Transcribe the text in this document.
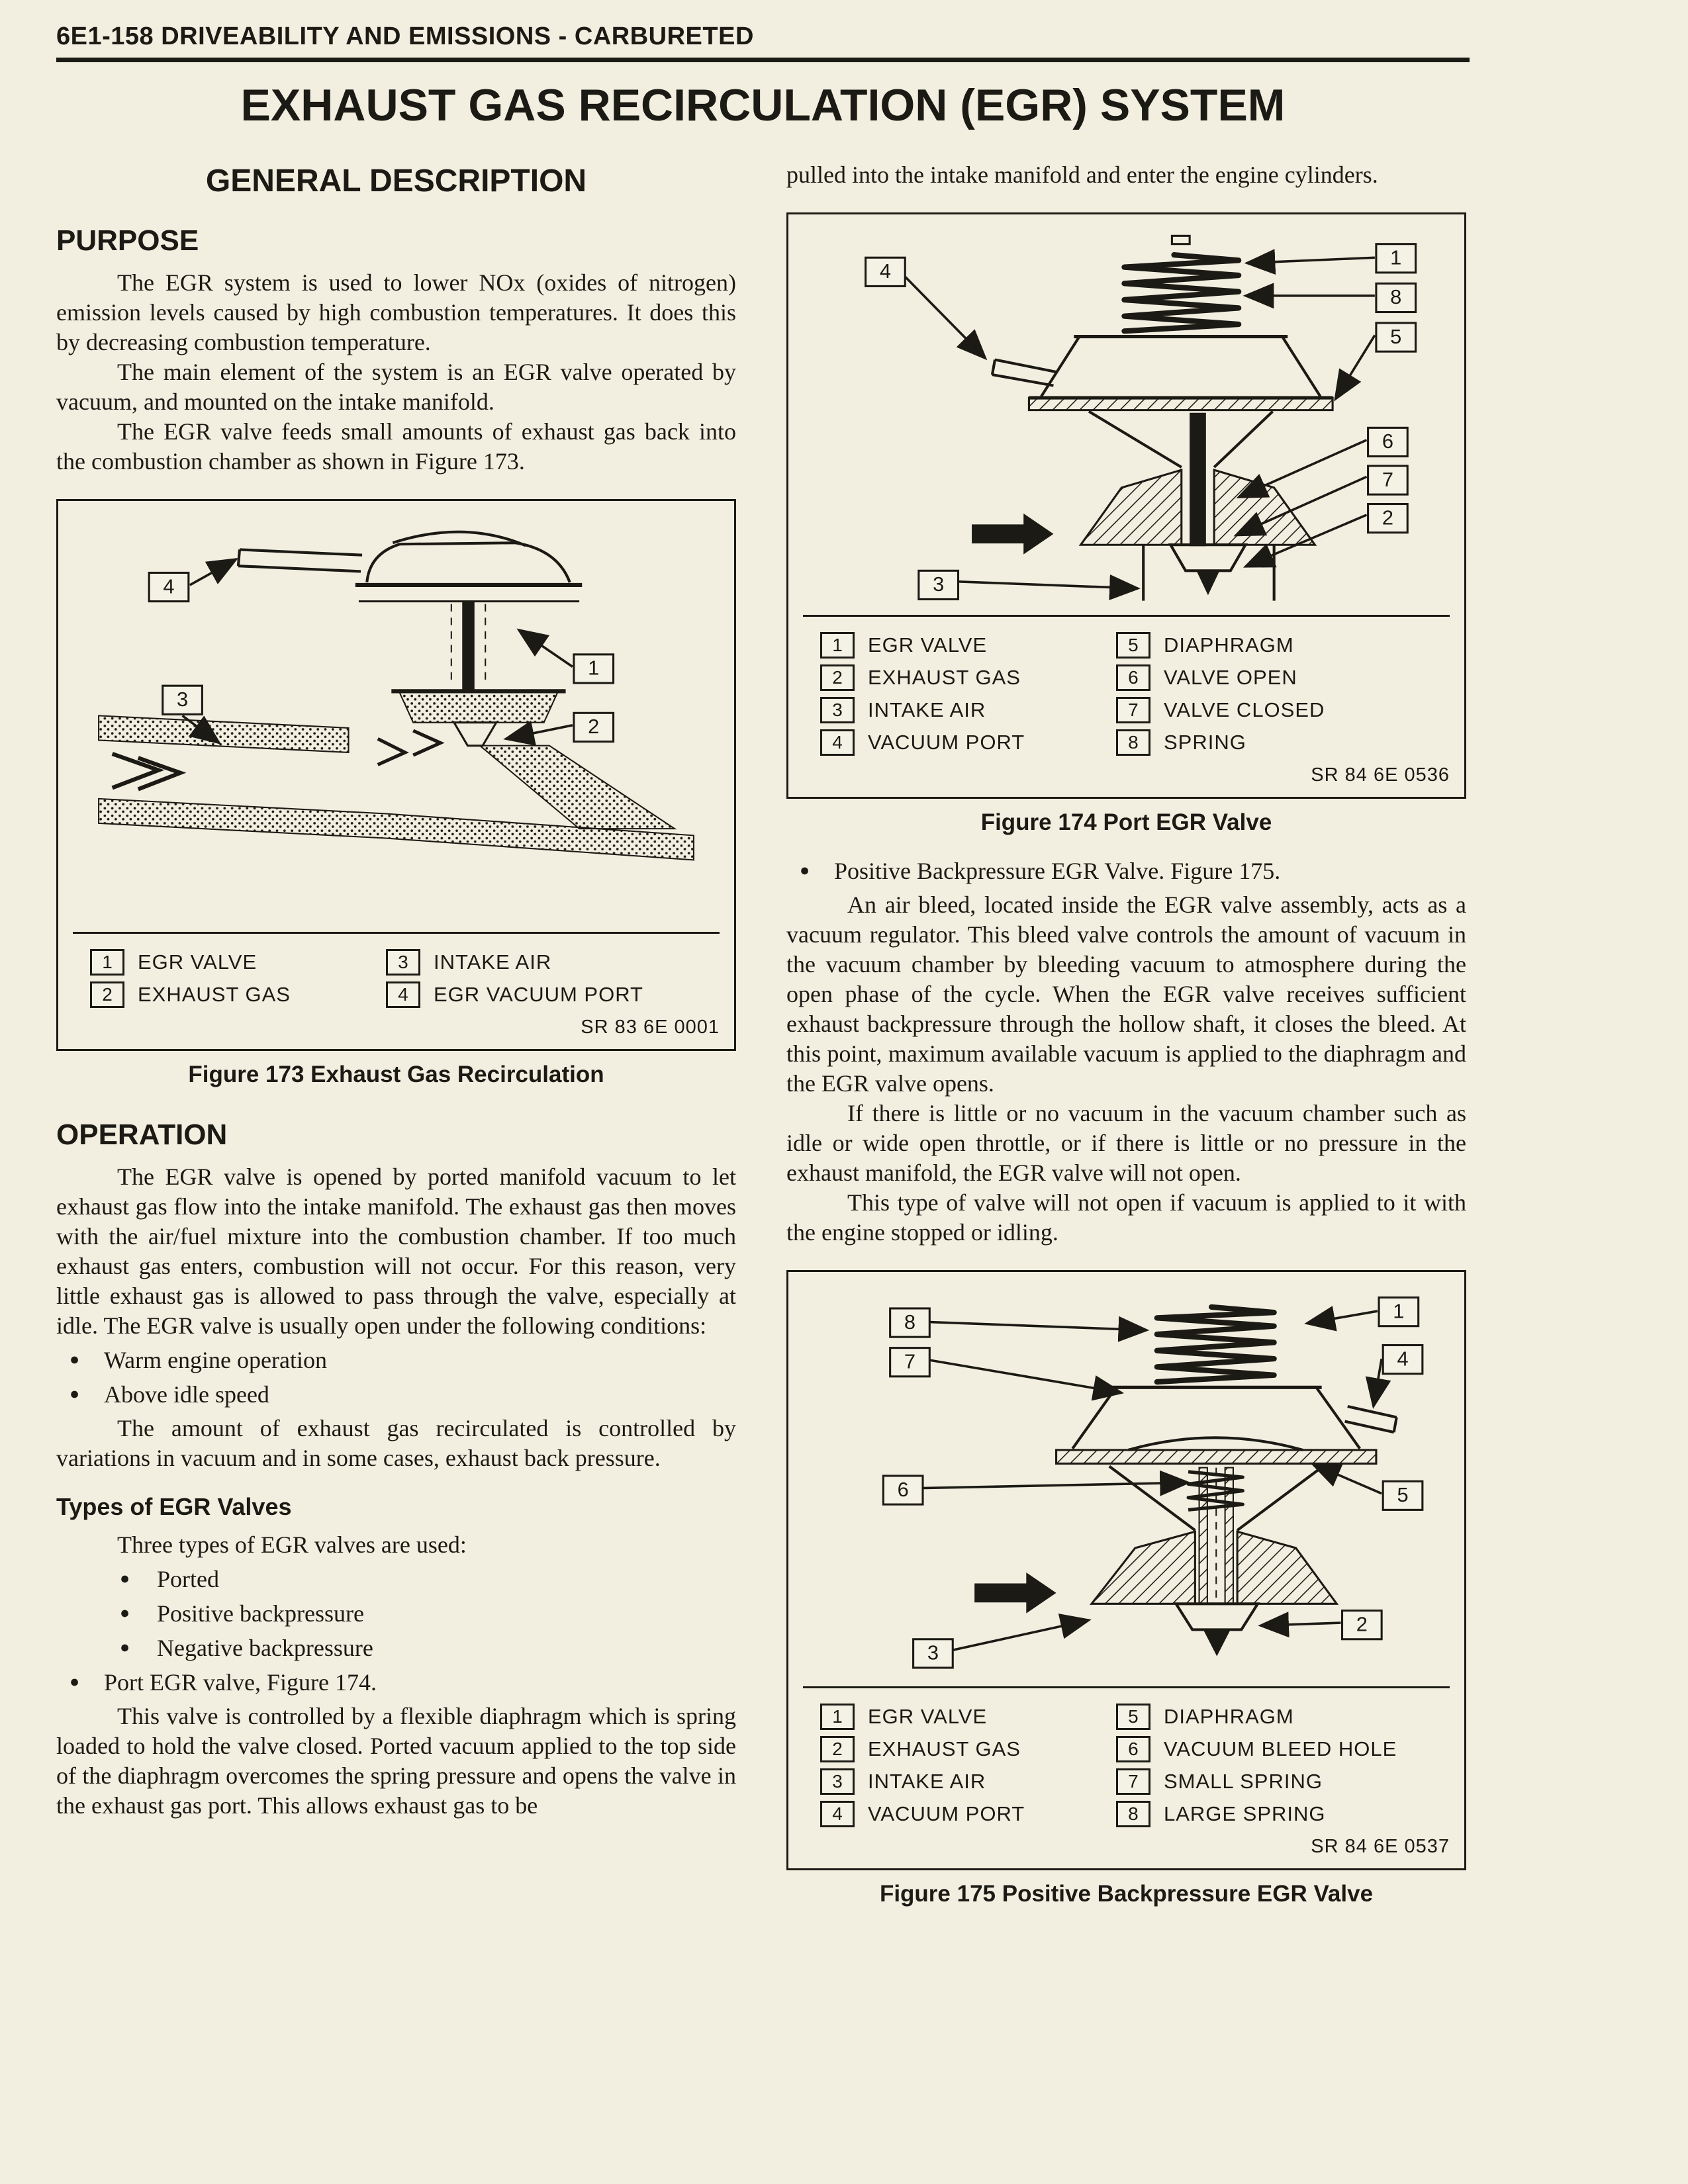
6E1-158 DRIVEABILITY AND EMISSIONS - CARBURETED
EXHAUST GAS RECIRCULATION (EGR) SYSTEM
GENERAL DESCRIPTION
PURPOSE

The EGR system is used to lower NOx (oxides of nitrogen) emission levels caused by high combustion temperatures. It does this by decreasing combustion temperature.

The main element of the system is an EGR valve operated by vacuum, and mounted on the intake manifold.

The EGR valve feeds small amounts of exhaust gas back into the combustion chamber as shown in Figure 173.

4
1
3
2
1	EGR VALVE
2	EXHAUST GAS
3	INTAKE AIR
4	EGR VACUUM PORT
SR 83 6E 0001
Figure 173 Exhaust Gas Recirculation
OPERATION

The EGR valve is opened by ported manifold vacuum to let exhaust gas flow into the intake manifold. The exhaust gas then moves with the air/fuel mixture into the combustion chamber. If too much exhaust gas enters, combustion will not occur. For this reason, very little exhaust gas is allowed to pass through the valve, especially at idle. The EGR valve is usually open under the following conditions:

●	Warm engine operation
●	Above idle speed

The amount of exhaust gas recirculated is controlled by variations in vacuum and in some cases, exhaust back pressure.

Types of EGR Valves

Three types of EGR valves are used:

●	Ported
●	Positive backpressure
●	Negative backpressure
●	Port EGR valve, Figure 174.

This valve is controlled by a flexible diaphragm which is spring loaded to hold the valve closed. Ported vacuum applied to the top side of the diaphragm overcomes the spring pressure and opens the valve in the exhaust gas port. This allows exhaust gas to be

pulled into the intake manifold and enter the engine cylinders.

4
1
8
5
6
7
2
3
1	EGR VALVE
2	EXHAUST GAS
3	INTAKE AIR
4	VACUUM PORT
5	DIAPHRAGM
6	VALVE OPEN
7	VALVE CLOSED
8	SPRING
SR 84 6E 0536
Figure 174 Port EGR Valve
●	Positive Backpressure EGR Valve. Figure 175.

An air bleed, located inside the EGR valve assembly, acts as a vacuum regulator. This bleed valve controls the amount of vacuum in the vacuum chamber by bleeding vacuum to atmosphere during the open phase of the cycle. When the EGR valve receives sufficient exhaust backpressure through the hollow shaft, it closes the bleed. At this point, maximum available vacuum is applied to the diaphragm and the EGR valve opens.

If there is little or no vacuum in the vacuum chamber such as idle or wide open throttle, or if there is little or no pressure in the exhaust manifold, the EGR valve will not open.

This type of valve will not open if vacuum is applied to it with the engine stopped or idling.

8
7
1
4
6	5
3
2
1	EGR VALVE
2	EXHAUST GAS
3	INTAKE AIR
4	VACUUM PORT
5	DIAPHRAGM
6	VACUUM BLEED HOLE
7	SMALL SPRING
8	LARGE SPRING
SR 84 6E 0537
Figure 175 Positive Backpressure EGR Valve
